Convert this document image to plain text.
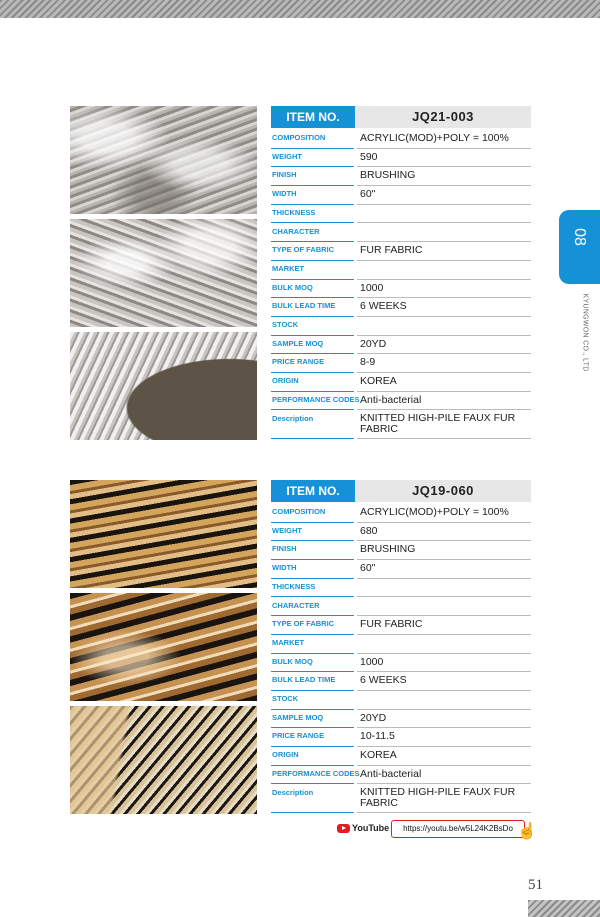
08
KYUNGWON CO., LTD
ITEM NO.	JQ21-003
COMPOSITION	ACRYLIC(MOD)+POLY = 100%
WEIGHT	590
FINISH	BRUSHING
WIDTH	60''
THICKNESS
CHARACTER
TYPE OF FABRIC	FUR FABRIC
MARKET
BULK MOQ	1000
BULK LEAD TIME	6 WEEKS
STOCK
SAMPLE MOQ	20YD
PRICE RANGE	8-9
ORIGIN	KOREA
PERFORMANCE CODES Anti-bacterial
Description	KNITTED HIGH-PILE FAUX FUR FABRIC
ITEM NO.	JQ19-060
COMPOSITION	ACRYLIC(MOD)+POLY = 100%
WEIGHT	680
FINISH	BRUSHING
WIDTH	60''
THICKNESS
CHARACTER
TYPE OF FABRIC	FUR FABRIC
MARKET
BULK MOQ	1000
BULK LEAD TIME	6 WEEKS
STOCK
SAMPLE MOQ	20YD
PRICE RANGE	10-11.5
ORIGIN	KOREA
PERFORMANCE CODES Anti-bacterial
Description	KNITTED HIGH-PILE FAUX FUR FABRIC
YouTube	https://youtu.be/w5L24K2BsDo ☝
51
